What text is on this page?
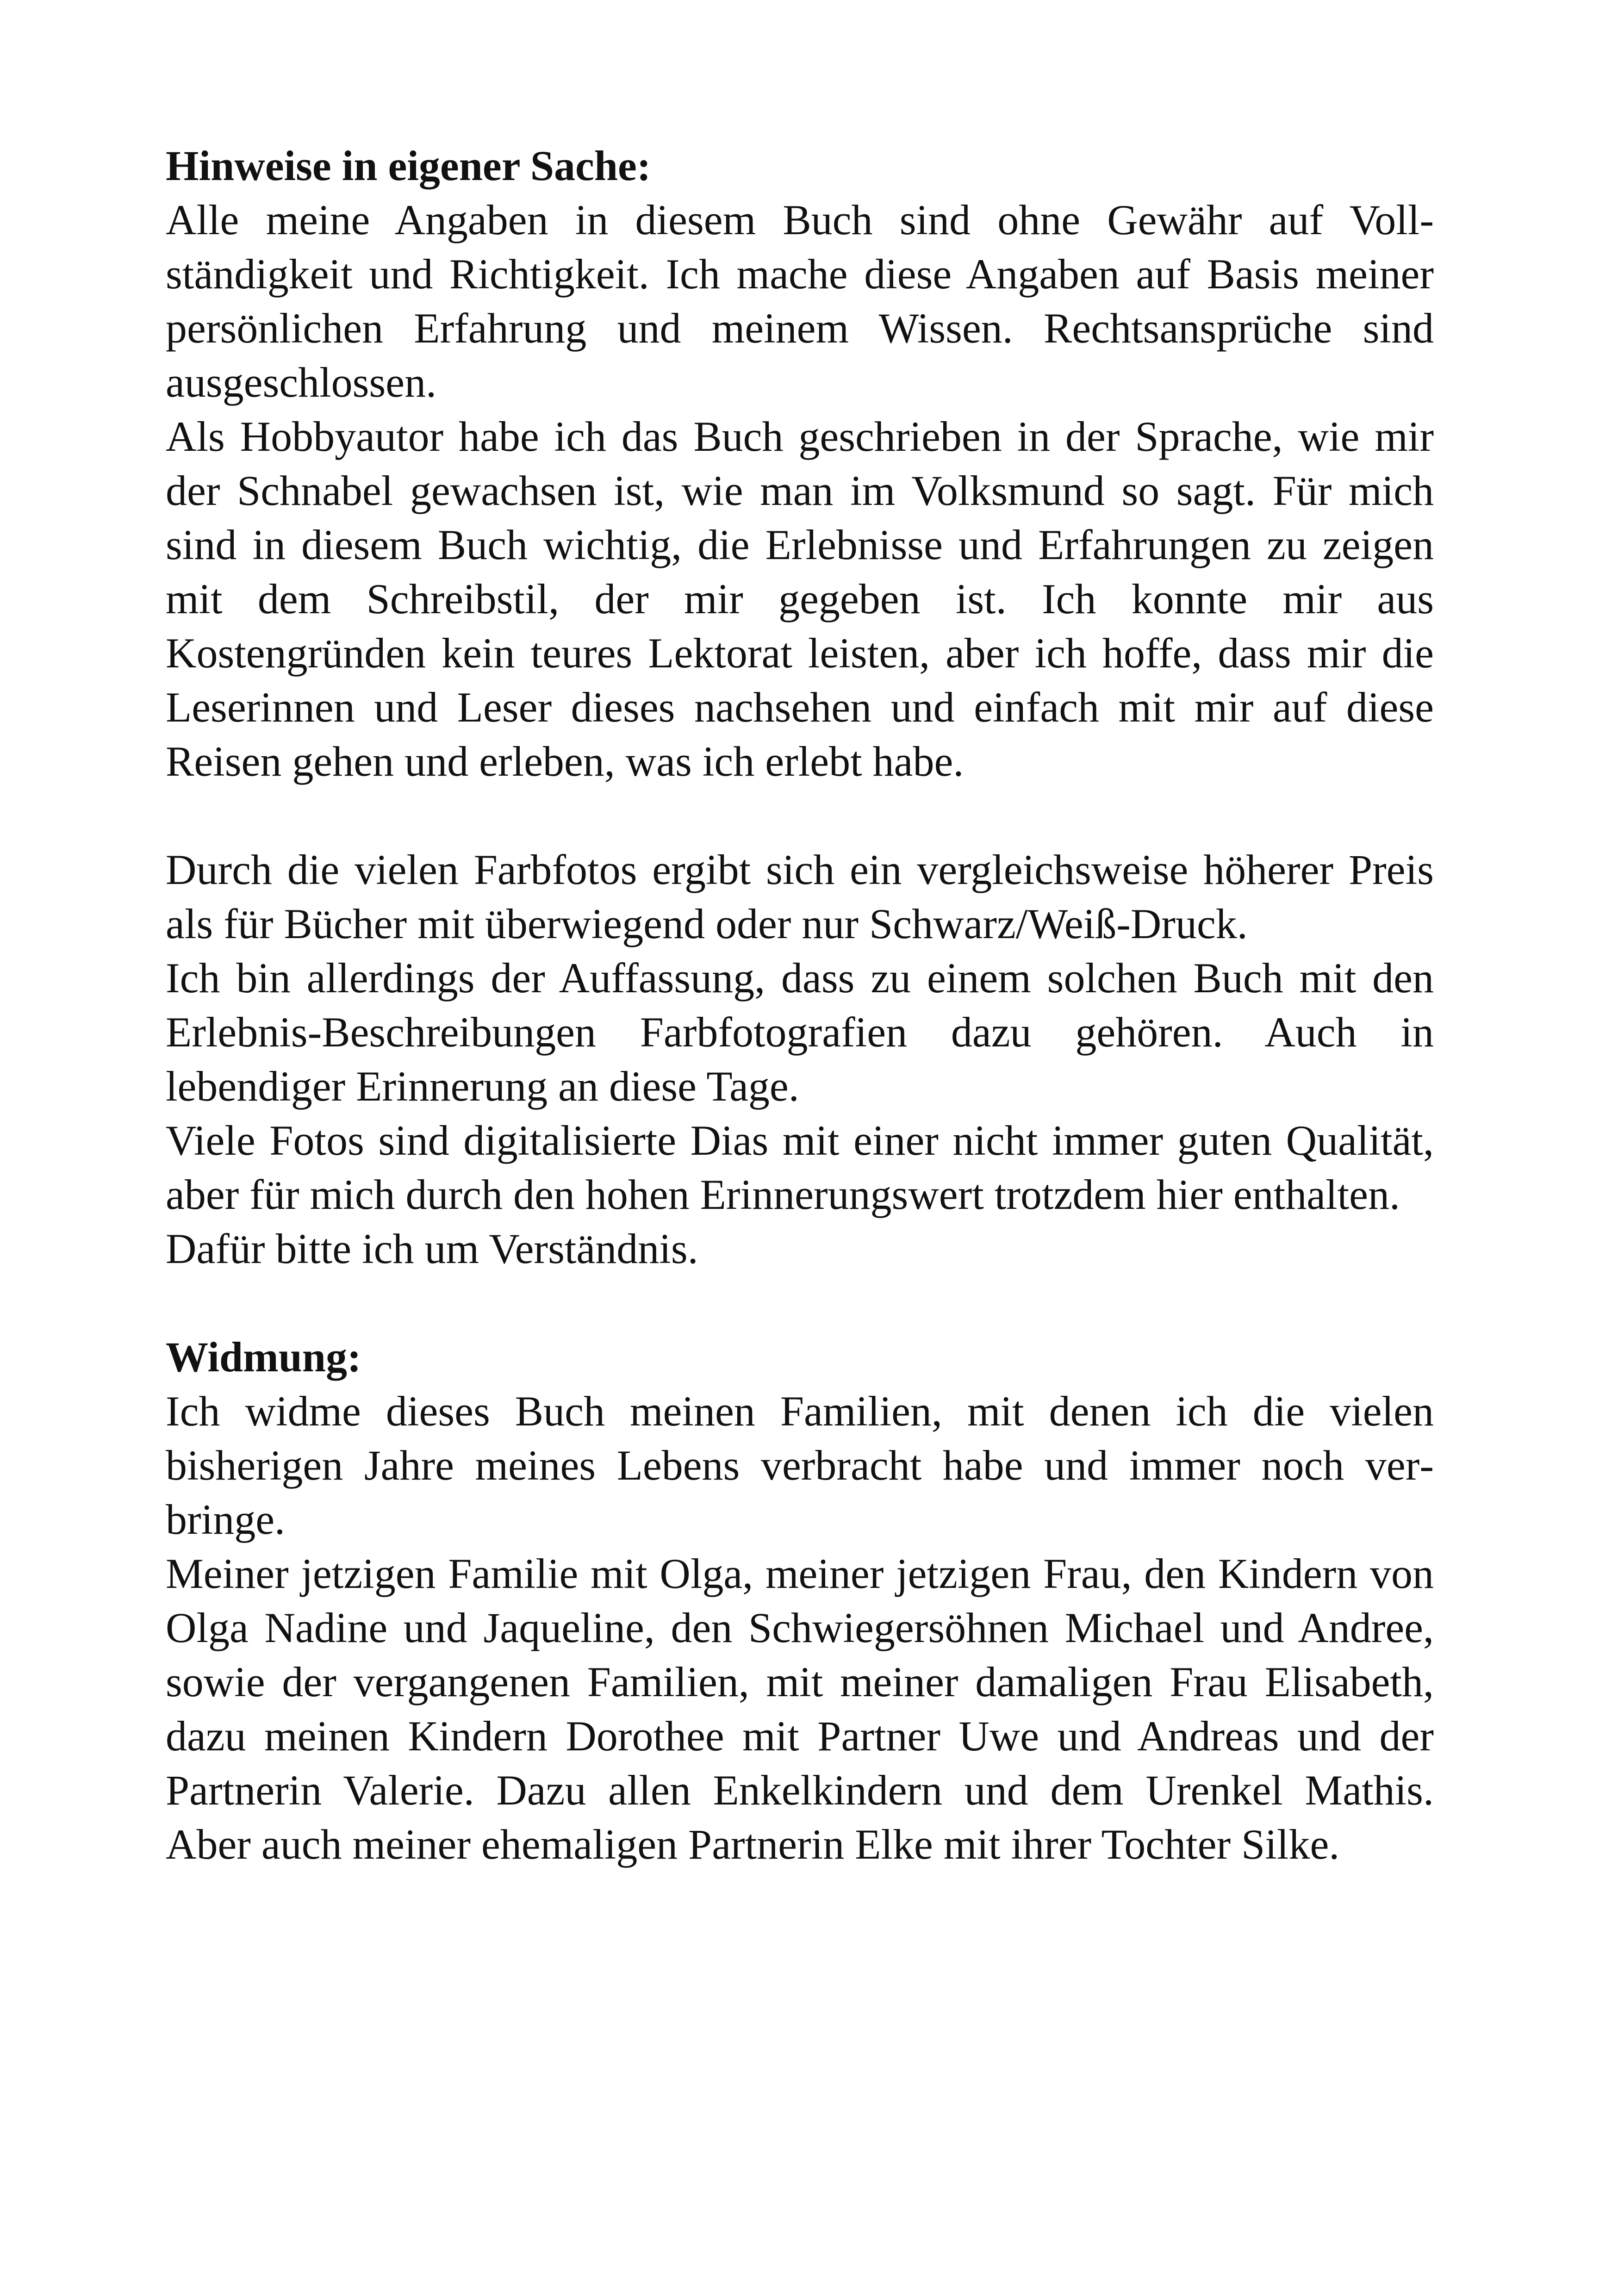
Hinweise in eigener Sache:

Alle meine Angaben in diesem Buch sind ohne Gewähr auf Vollständigkeit und Richtigkeit. Ich mache diese Angaben auf Basis meiner persönlichen Erfahrung und meinem Wissen. Rechtsansprüche sind ausgeschlossen.

Als Hobbyautor habe ich das Buch geschrieben in der Sprache, wie mir der Schnabel gewachsen ist, wie man im Volksmund so sagt. Für mich sind in diesem Buch wichtig, die Erlebnisse und Erfahrungen zu zeigen mit dem Schreibstil, der mir gegeben ist. Ich konnte mir aus Kostengründen kein teures Lektorat leisten, aber ich hoffe, dass mir die Leserinnen und Leser dieses nachsehen und einfach mit mir auf diese Reisen gehen und erleben, was ich erlebt habe.

Durch die vielen Farbfotos ergibt sich ein vergleichsweise höherer Preis als für Bücher mit überwiegend oder nur Schwarz/Weiß-Druck.

Ich bin allerdings der Auffassung, dass zu einem solchen Buch mit den Erlebnis-Beschreibungen Farbfotografien dazu gehören. Auch in lebendiger Erinnerung an diese Tage.

Viele Fotos sind digitalisierte Dias mit einer nicht immer guten Qualität, aber für mich durch den hohen Erinnerungswert trotzdem hier enthalten.

Dafür bitte ich um Verständnis.

Widmung:

Ich widme dieses Buch meinen Familien, mit denen ich die vielen bisherigen Jahre meines Lebens verbracht habe und immer noch verbringe.

Meiner jetzigen Familie mit Olga, meiner jetzigen Frau, den Kindern von Olga Nadine und Jaqueline, den Schwiegersöhnen Michael und Andree, sowie der vergangenen Familien, mit meiner damaligen Frau Elisabeth, dazu meinen Kindern Dorothee mit Partner Uwe und Andreas und der Partnerin Valerie. Dazu allen Enkelkindern und dem Urenkel Mathis. Aber auch meiner ehemaligen Partnerin Elke mit ihrer Tochter Silke.
